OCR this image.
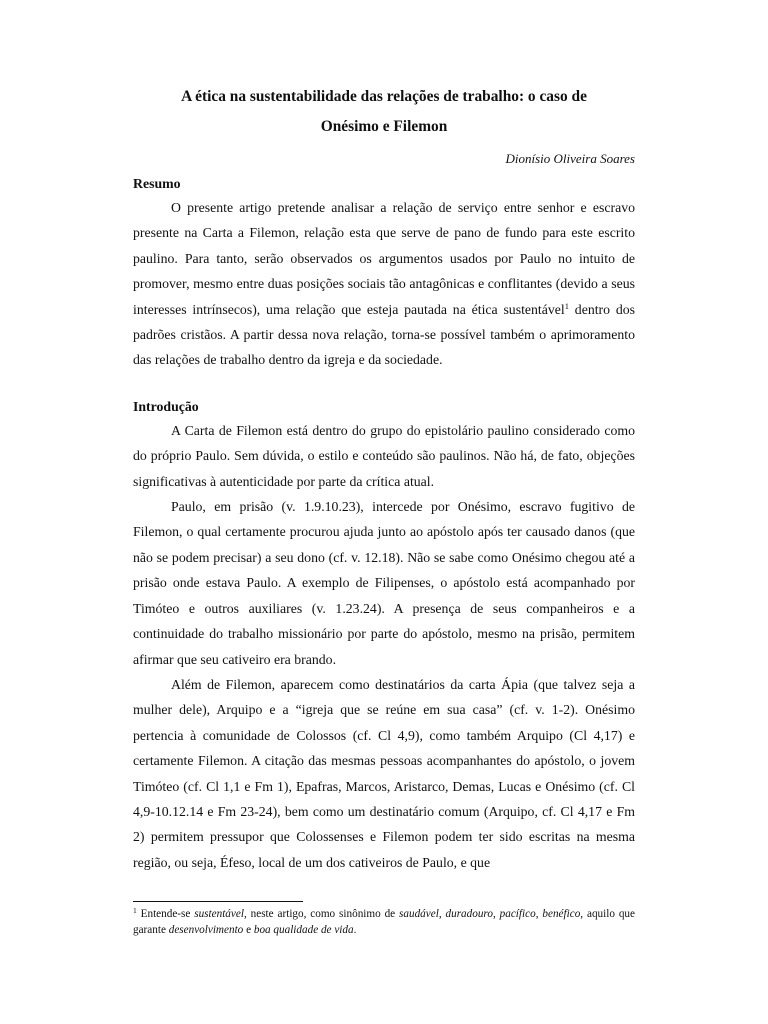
A ética na sustentabilidade das relações de trabalho: o caso de
Onésimo e Filemon
Dionísio Oliveira Soares
Resumo

O presente artigo pretende analisar a relação de serviço entre senhor e escravo presente na Carta a Filemon, relação esta que serve de pano de fundo para este escrito paulino. Para tanto, serão observados os argumentos usados por Paulo no intuito de promover, mesmo entre duas posições sociais tão antagônicas e conflitantes (devido a seus interesses intrínsecos), uma relação que esteja pautada na ética sustentável$^1$ dentro dos padrões cristãos. A partir dessa nova relação, torna-se possível também o aprimoramento das relações de trabalho dentro da igreja e da sociedade.

Introdução

A Carta de Filemon está dentro do grupo do epistolário paulino considerado como do próprio Paulo. Sem dúvida, o estilo e conteúdo são paulinos. Não há, de fato, objeções significativas à autenticidade por parte da crítica atual.

Paulo, em prisão (v. 1.9.10.23), intercede por Onésimo, escravo fugitivo de Filemon, o qual certamente procurou ajuda junto ao apóstolo após ter causado danos (que não se podem precisar) a seu dono (cf. v. 12.18). Não se sabe como Onésimo chegou até a prisão onde estava Paulo. A exemplo de Filipenses, o apóstolo está acompanhado por Timóteo e outros auxiliares (v. 1.23.24). A presença de seus companheiros e a continuidade do trabalho missionário por parte do apóstolo, mesmo na prisão, permitem afirmar que seu cativeiro era brando.

Além de Filemon, aparecem como destinatários da carta Ápia (que talvez seja a mulher dele), Arquipo e a “igreja que se reúne em sua casa” (cf. v. 1-2). Onésimo pertencia à comunidade de Colossos (cf. Cl 4,9), como também Arquipo (Cl 4,17) e certamente Filemon. A citação das mesmas pessoas acompanhantes do apóstolo, o jovem Timóteo (cf. Cl 1,1 e Fm 1), Epafras, Marcos, Aristarco, Demas, Lucas e Onésimo (cf. Cl 4,9-10.12.14 e Fm 23-24), bem como um destinatário comum (Arquipo, cf. Cl 4,17 e Fm 2) permitem pressupor que Colossenses e Filemon podem ter sido escritas na mesma região, ou seja, Éfeso, local de um dos cativeiros de Paulo, e que

$^1$ Entende-se sustentável, neste artigo, como sinônimo de saudável, duradouro, pacífico, benéfico, aquilo que garante desenvolvimento e boa qualidade de vida.
